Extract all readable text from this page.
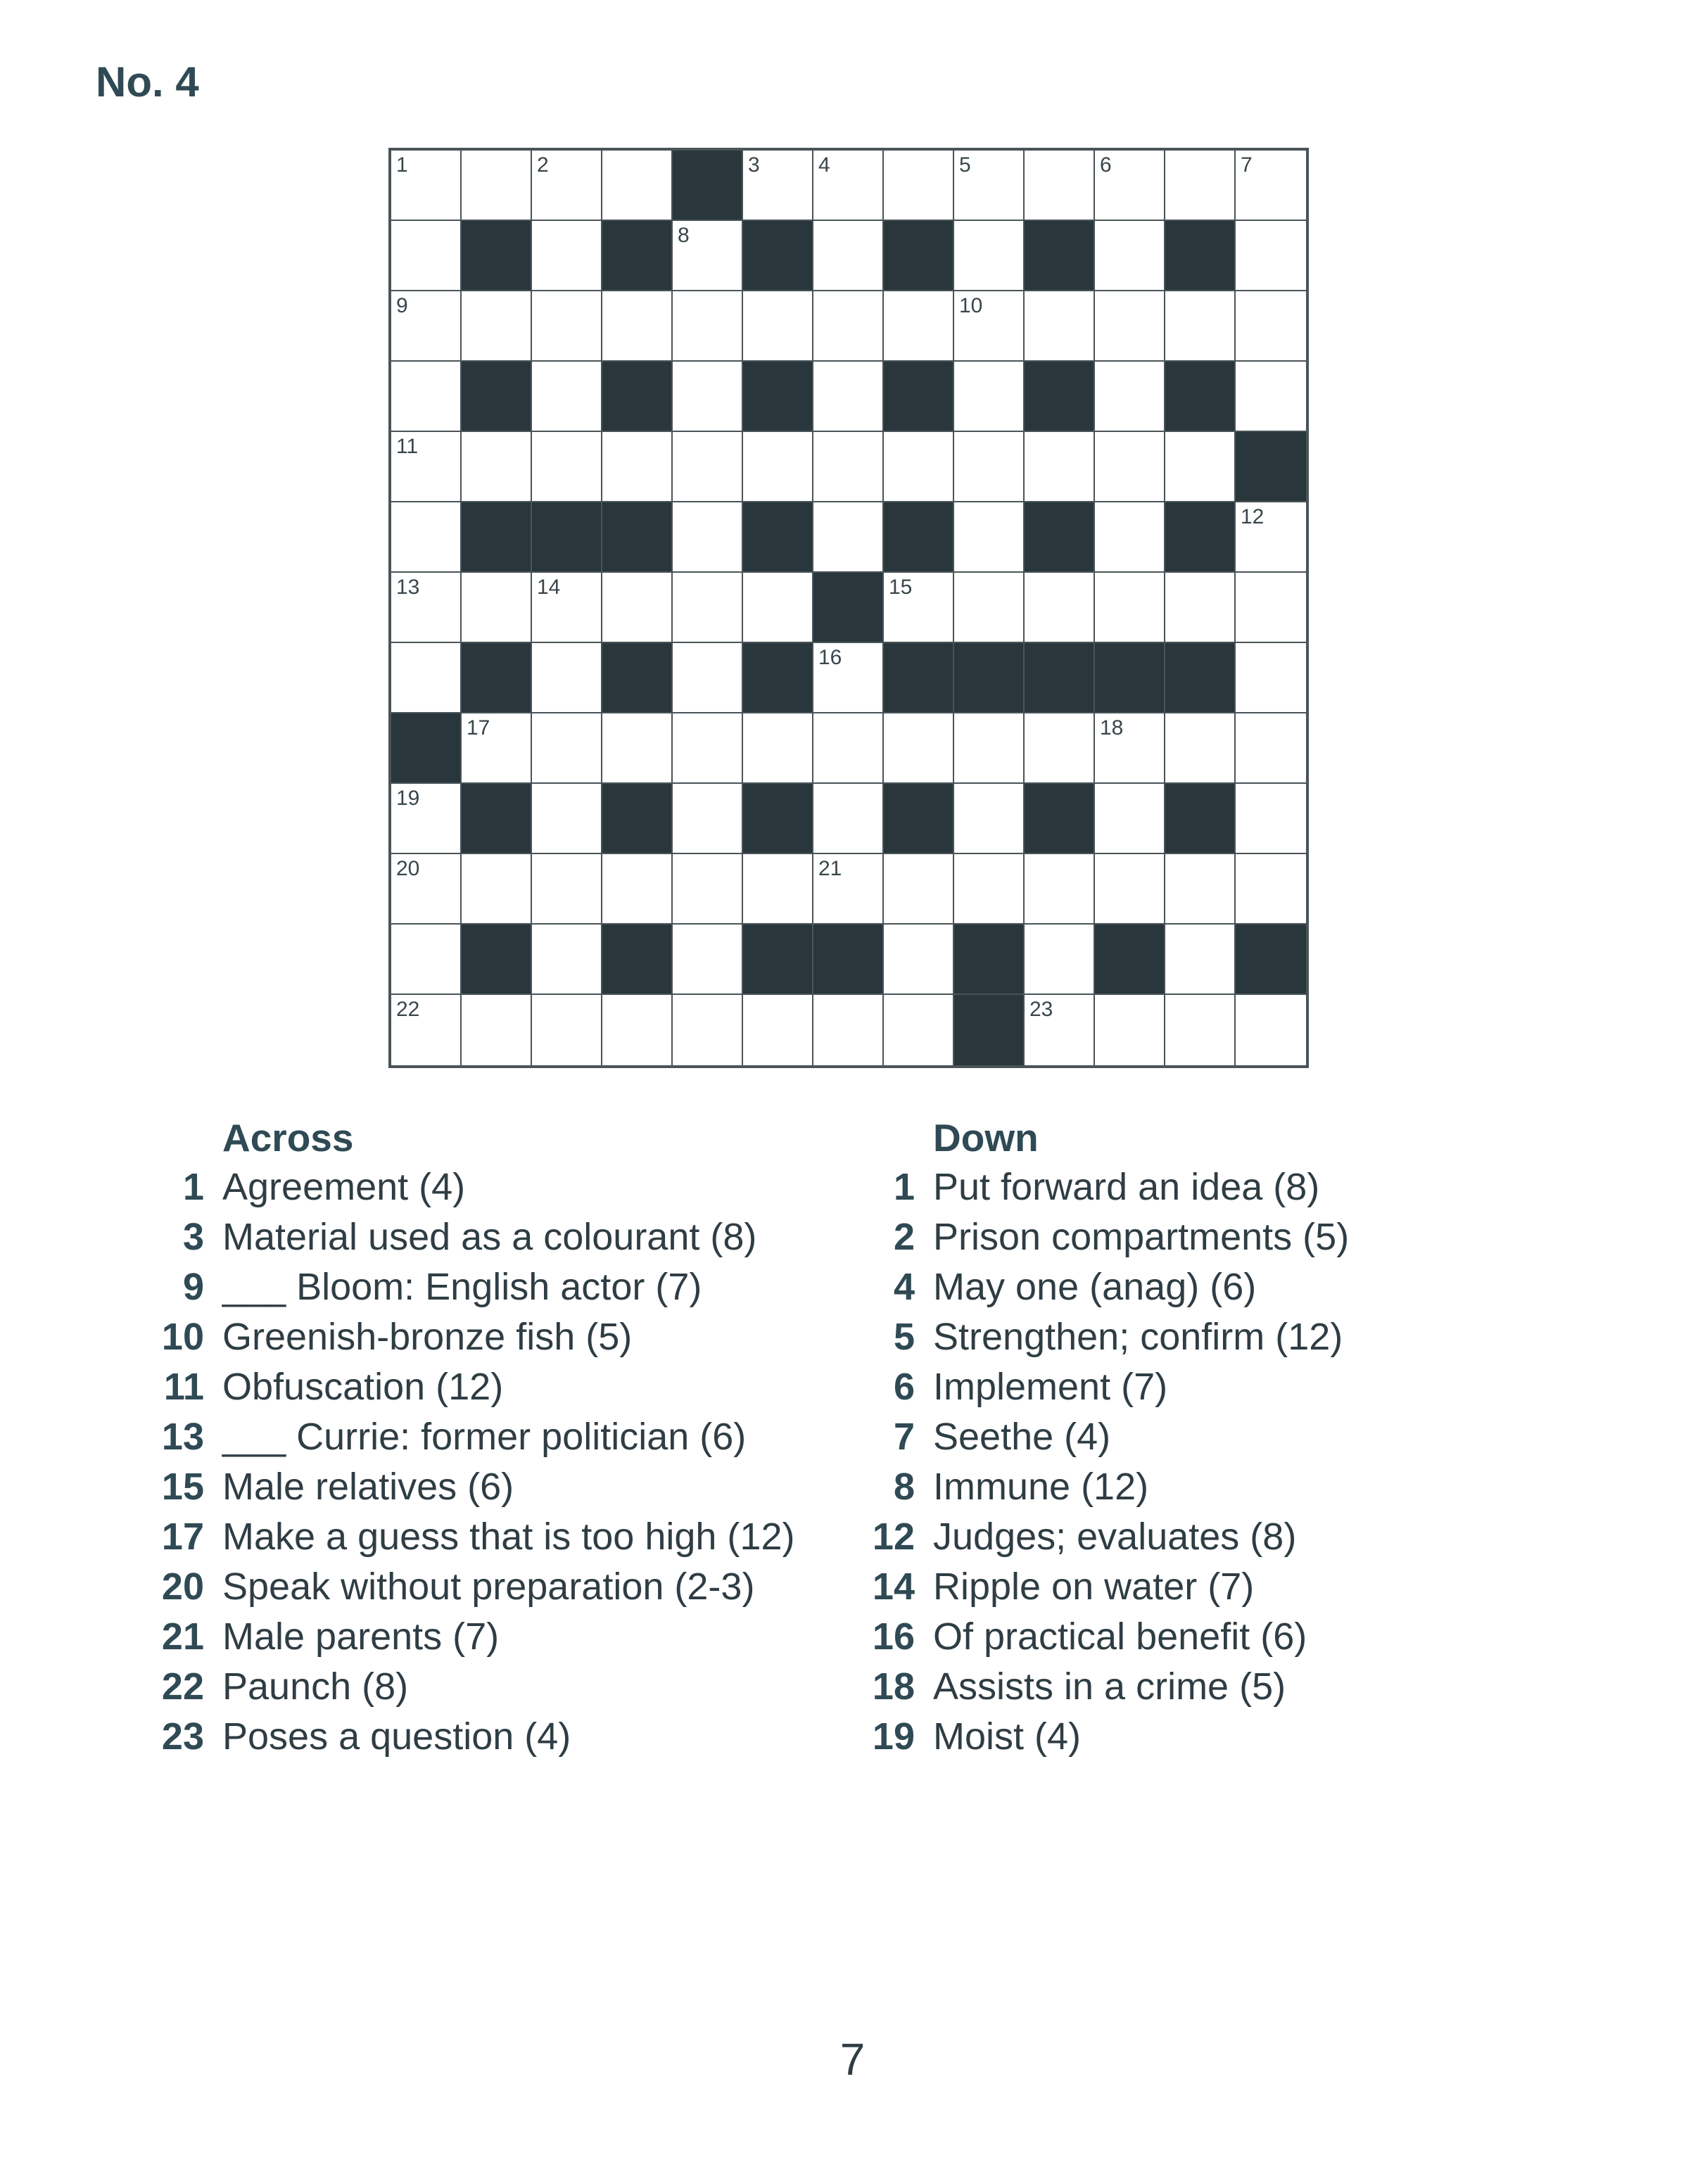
No. 4
1	2	3	4	5	6	7
8
9	10
11
12
13	14	15
16
17	18
19
20	21
22	23
Across
1 Agreement (4)
3 Material used as a colourant (8)
9 ___ Bloom: English actor (7)
10 Greenish-bronze fish (5)
11 Obfuscation (12)
13 ___ Currie: former politician (6)
15 Male relatives (6)
17 Make a guess that is too high (12)
20 Speak without preparation (2-3)
21 Male parents (7)
22 Paunch (8)
23 Poses a question (4)
Down
1 Put forward an idea (8)
2 Prison compartments (5)
4 May one (anag) (6)
5 Strengthen; confirm (12)
6 Implement (7)
7 Seethe (4)
8 Immune (12)
12 Judges; evaluates (8)
14 Ripple on water (7)
16 Of practical benefit (6)
18 Assists in a crime (5)
19 Moist (4)
7
